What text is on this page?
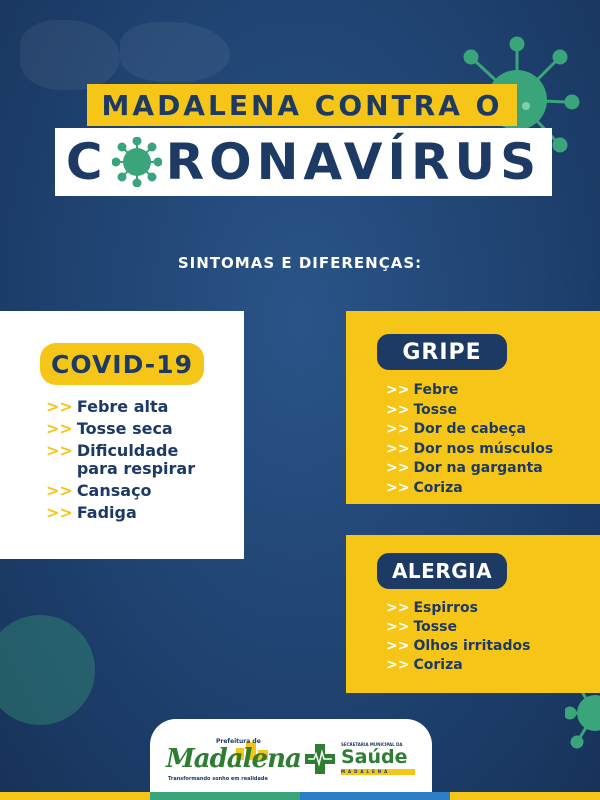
MADALENA CONTRA O
C RONAVÍRUS
SINTOMAS E DIFERENÇAS:
COVID-19
>> Febre alta
>> Tosse seca
>> Dificuldade
para respirar
>> Cansaço
>> Fadiga
GRIPE
>> Febre
>> Tosse
>> Dor de cabeça
>> Dor nos músculos
>> Dor na garganta
>> Coriza
ALERGIA
>> Espirros
>> Tosse
>> Olhos irritados
>> Coriza
Prefeitura de
Madalena
Transformando sonho em realidade
SECRETARIA MUNICIPAL DA
Saúde
MADALENA
